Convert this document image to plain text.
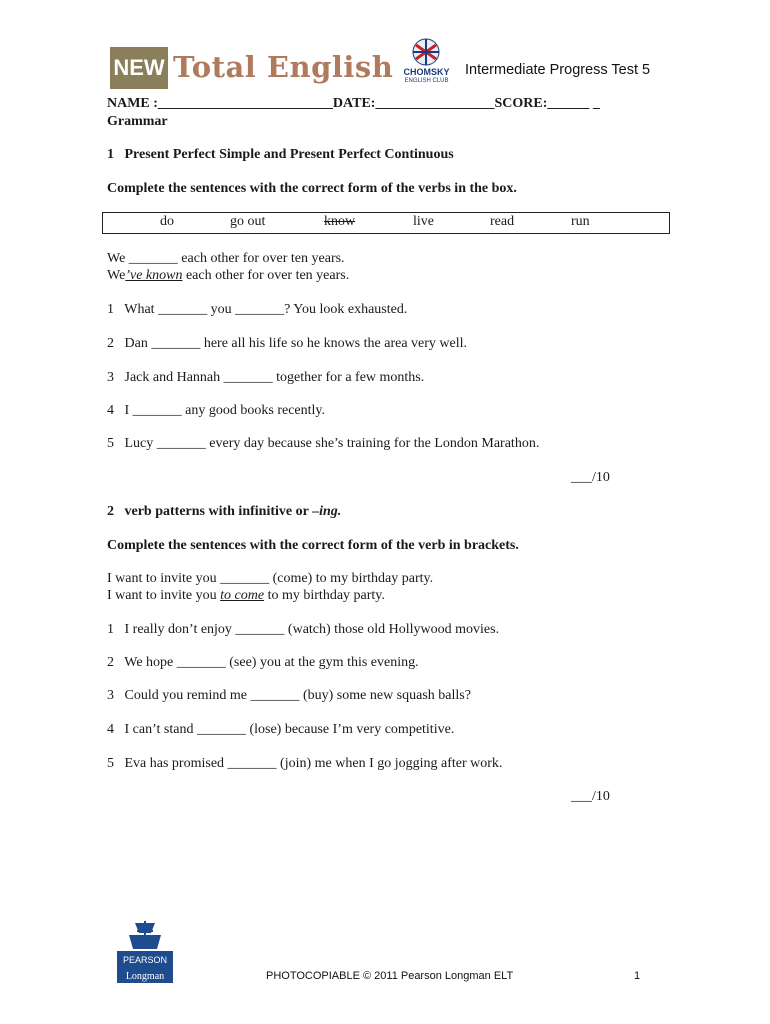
NEW Total English	CHOMSKY
ENGLISH CLUB
Intermediate Progress Test 5
NAME :_________________________DATE:_________________SCORE:______ _
Grammar
1   Present Perfect Simple and Present Perfect Continuous
Complete the sentences with the correct form of the verbs in the box.
do	go out	know	live	read	run
We _______ each other for over ten years.
We’ve known each other for over ten years.
1   What _______ you _______? You look exhausted.
2   Dan _______ here all his life so he knows the area very well.
3   Jack and Hannah _______ together for a few months.
4   I _______ any good books recently.
5   Lucy _______ every day because she’s training for the London Marathon.
___/10
2   verb patterns with infinitive or –ing.
Complete the sentences with the correct form of the verb in brackets.
I want to invite you _______ (come) to my birthday party.
I want to invite you to come to my birthday party.
1   I really don’t enjoy _______ (watch) those old Hollywood movies.
2   We hope _______ (see) you at the gym this evening.
3   Could you remind me _______ (buy) some new squash balls?
4   I can’t stand _______ (lose) because I’m very competitive.
5   Eva has promised _______ (join) me when I go jogging after work.
___/10
PEARSON
Longman	PHOTOCOPIABLE © 2011 Pearson Longman ELT	1
